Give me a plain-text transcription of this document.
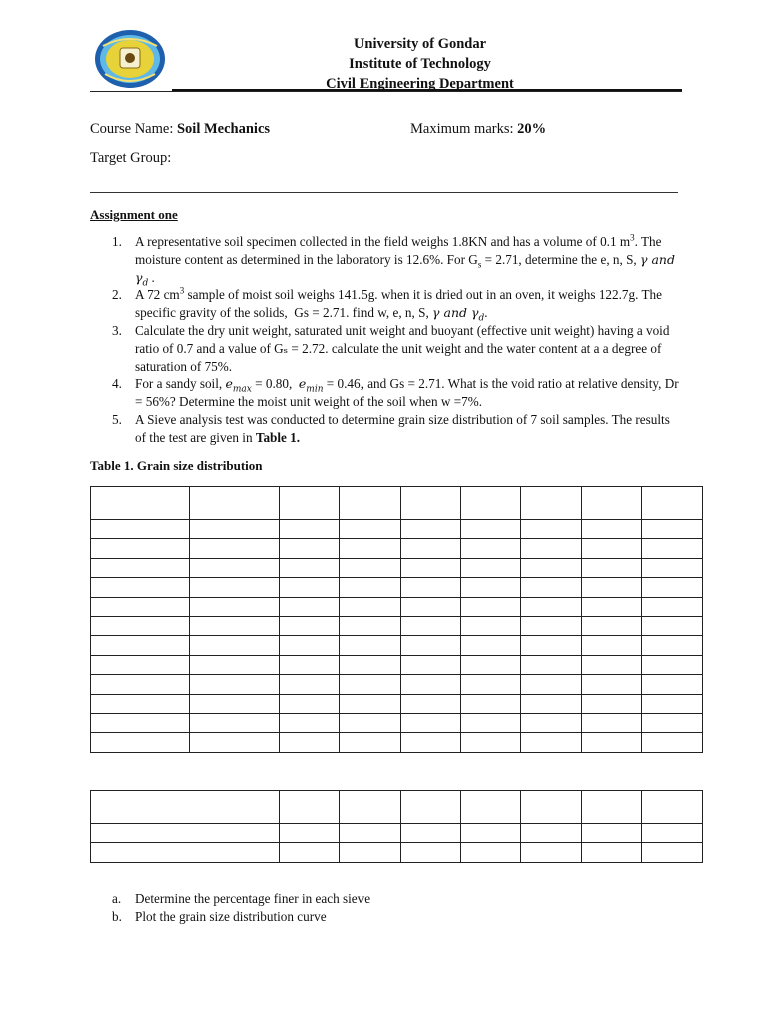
University of Gondar
Institute of Technology
Civil Engineering Department
Course Name: Soil Mechanics	Maximum marks: 20%
Target Group:
Assignment one
1. A representative soil specimen collected in the field weighs 1.8KN and has a volume of 0.1 $m^3$. The moisture content as determined in the laboratory is 12.6%. For $G_s = 2.71$, determine the e, n, S, γ and $\gamma_d$ .
2. A 72 $cm^3$ sample of moist soil weighs 141.5g. when it is dried out in an oven, it weighs 122.7g. The specific gravity of the solids,  Gs = 2.71. find w, e, n, S, γ and $\gamma_d$.
3. Calculate the dry unit weight, saturated unit weight and buoyant (effective unit weight) having a void ratio of 0.7 and a value of Gₛ = 2.72. calculate the unit weight and the water content at a a degree of saturation of 75%.
4. For a sandy soil, $e_{max} = 0.80$,  $e_{min} = 0.46$, and Gs = 2.71. What is the void ratio at relative density, Dr = 56%? Determine the moist unit weight of the soil when w =7%.
5. A Sieve analysis test was conducted to determine grain size distribution of 7 soil samples. The results of the test are given in Table 1.
Table 1. Grain size distribution

a. Determine the percentage finer in each sieve
b. Plot the grain size distribution curve
